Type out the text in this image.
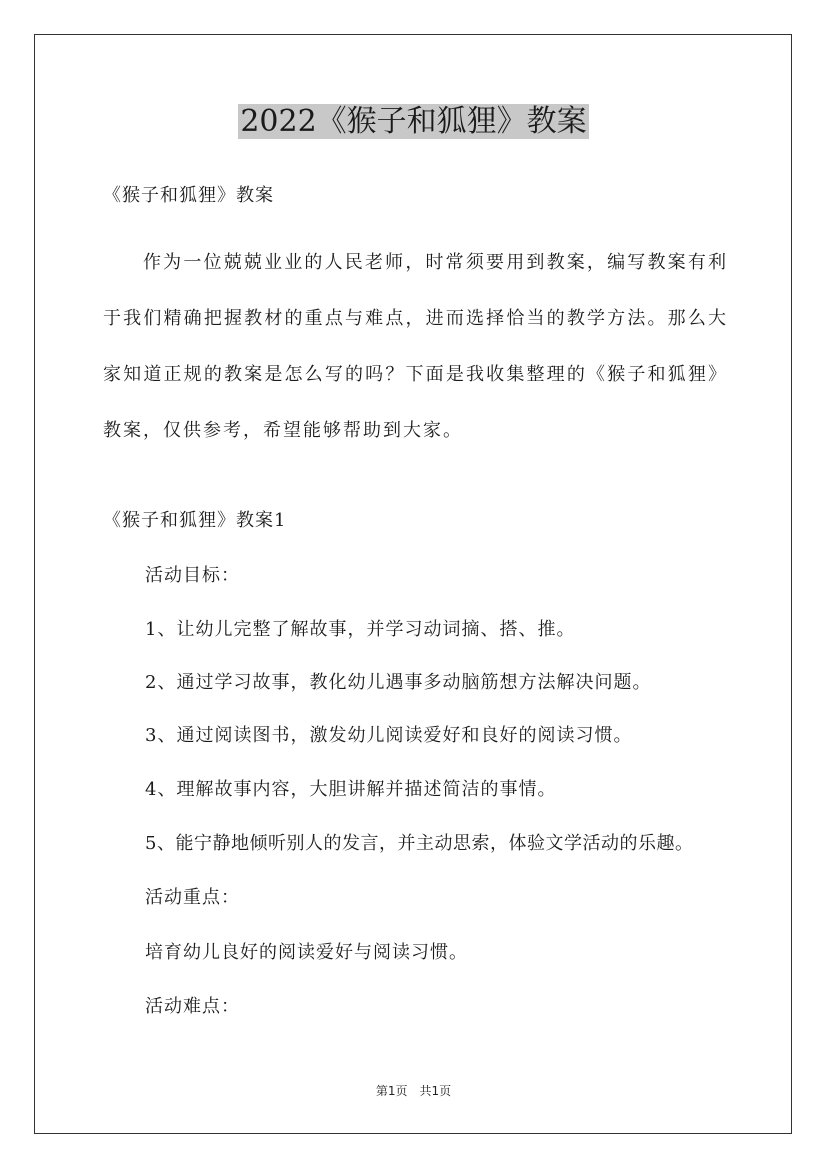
2022《猴子和狐狸》教案

《猴子和狐狸》教案

作为一位兢兢业业的人民老师，时常须要用到教案，编写教案有利于我们精确把握教材的重点与难点，进而选择恰当的教学方法。那么大家知道正规的教案是怎么写的吗？下面是我收集整理的《猴子和狐狸》教案，仅供参考，希望能够帮助到大家。

《猴子和狐狸》教案1

活动目标：

1、让幼儿完整了解故事，并学习动词摘、搭、推。

2、通过学习故事，教化幼儿遇事多动脑筋想方法解决问题。

3、通过阅读图书，激发幼儿阅读爱好和良好的阅读习惯。

4、理解故事内容，大胆讲解并描述简洁的事情。

5、能宁静地倾听别人的发言，并主动思索，体验文学活动的乐趣。

活动重点：

培育幼儿良好的阅读爱好与阅读习惯。

活动难点：

第1页　共1页
